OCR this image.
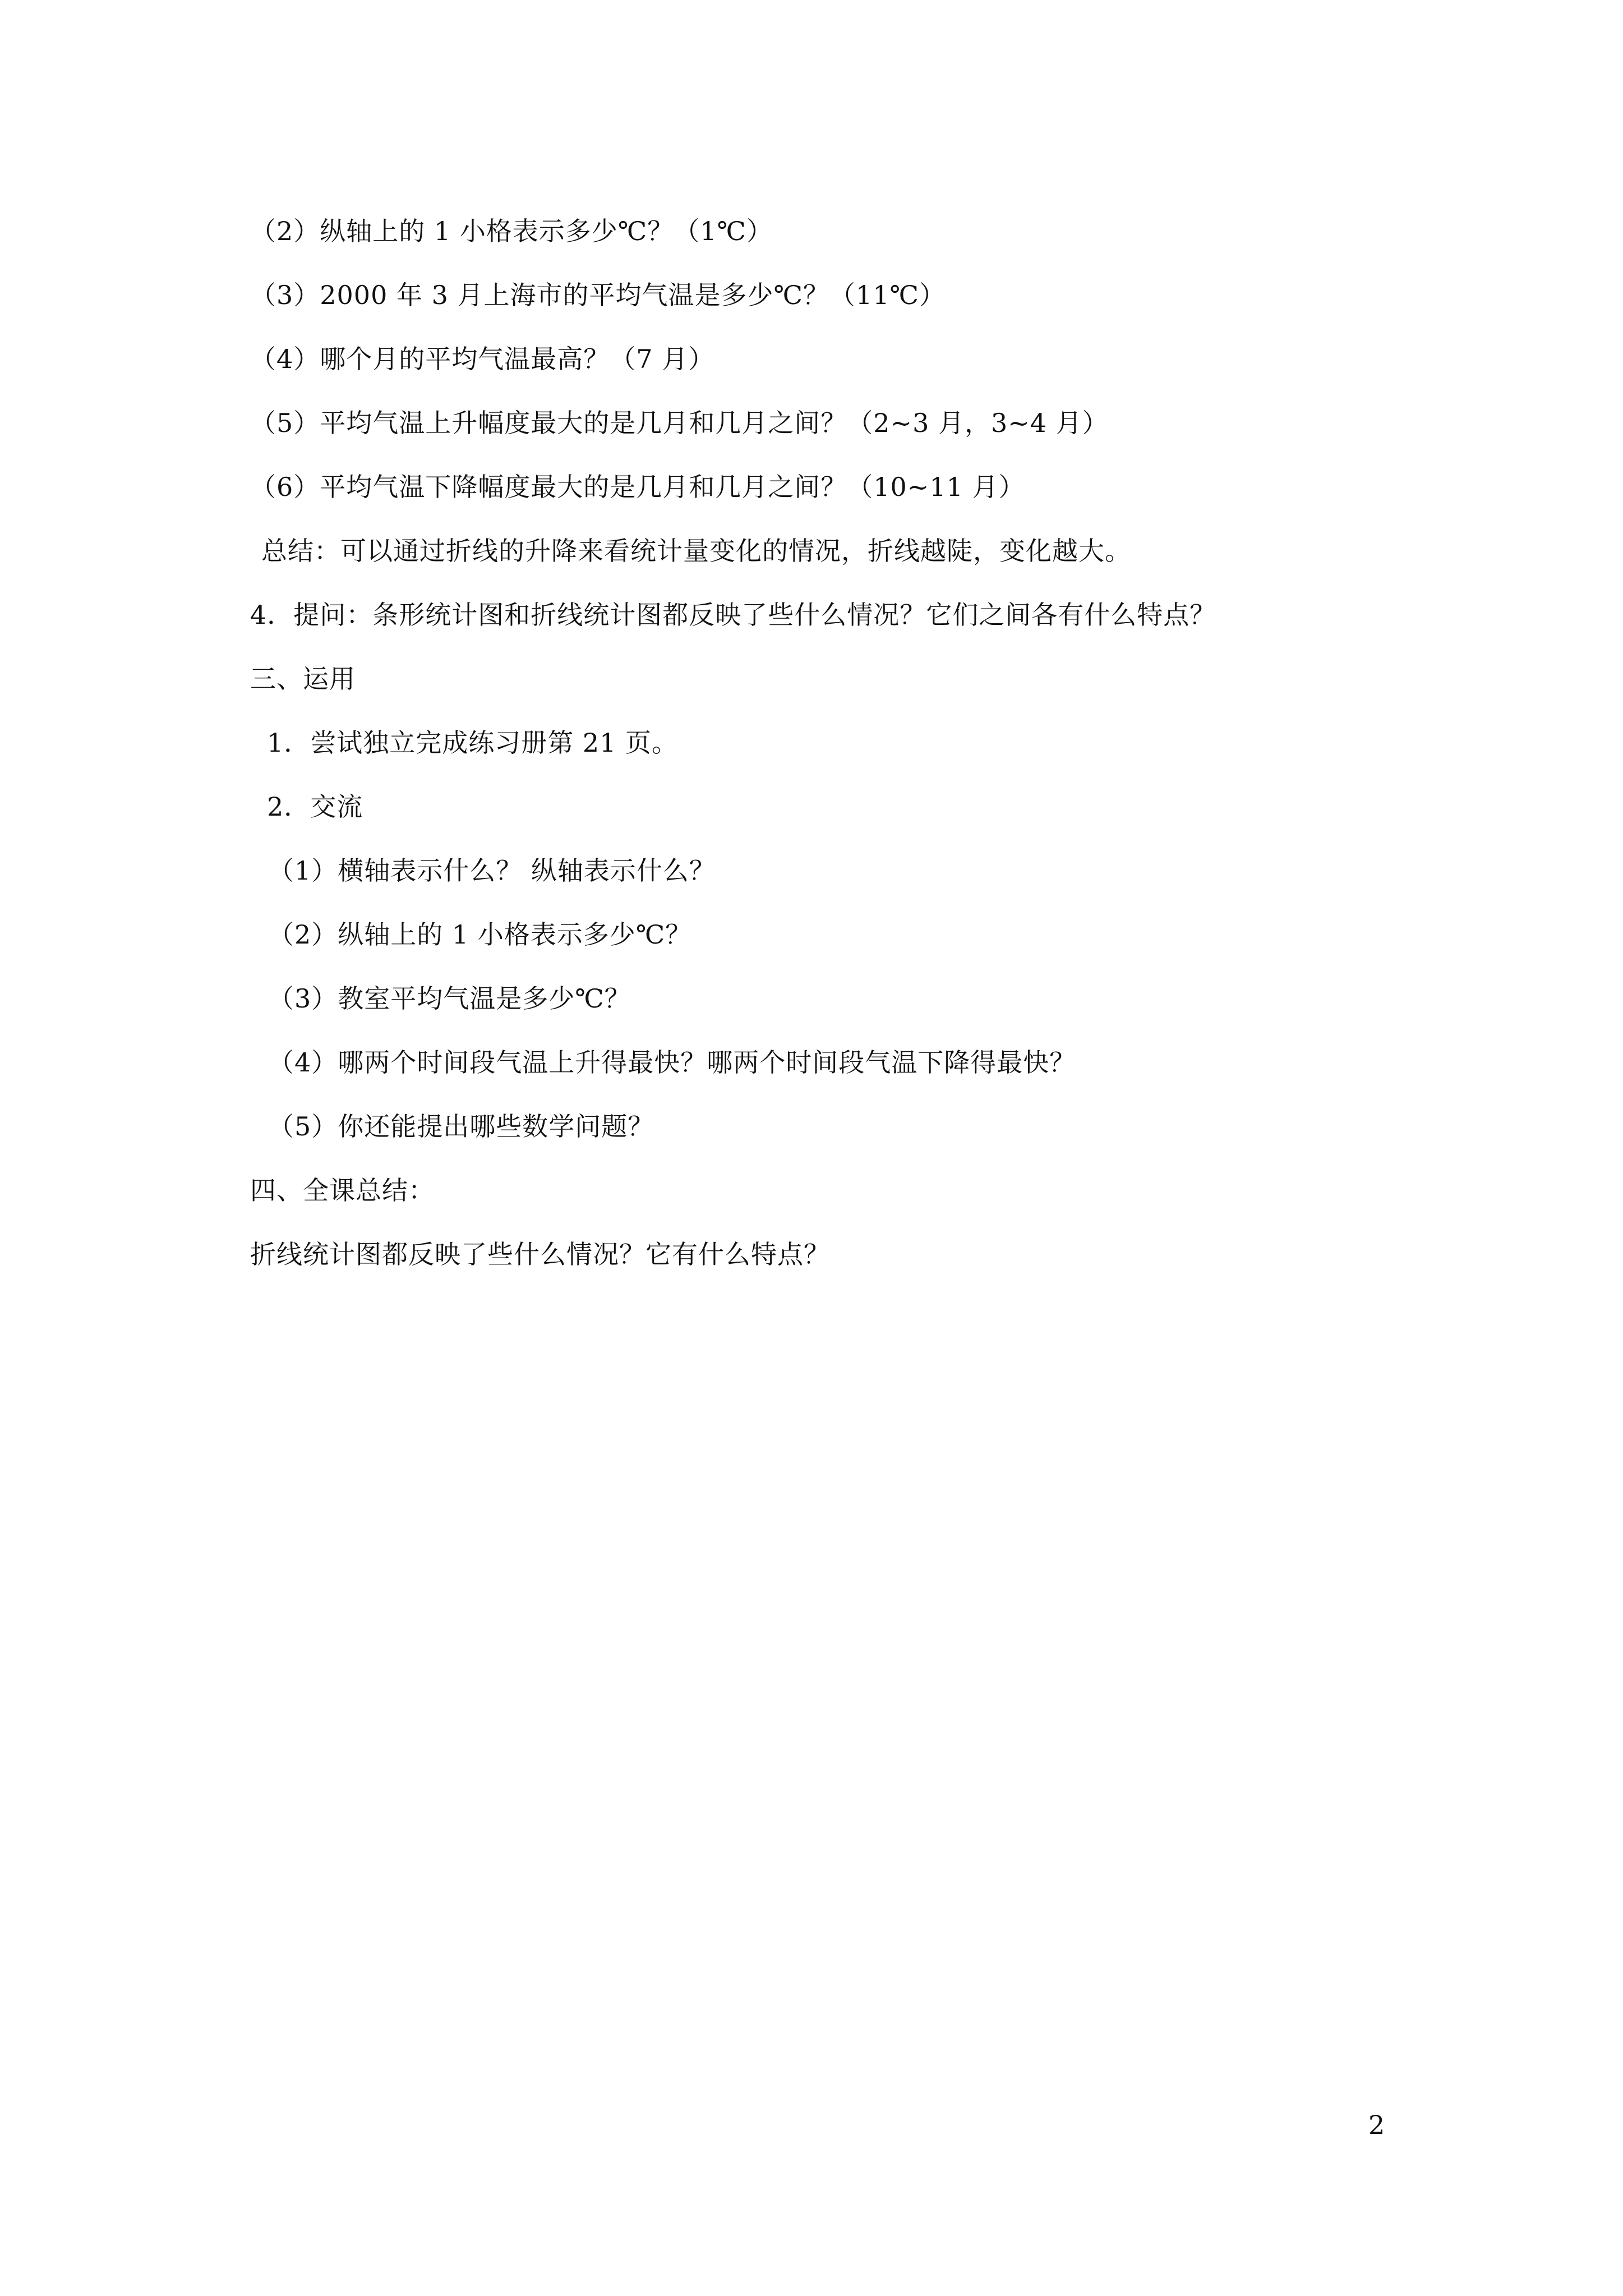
（2）纵轴上的 1 小格表示多少℃？（1℃）
（3）2000 年 3 月上海市的平均气温是多少℃？（11℃）
（4）哪个月的平均气温最高？（7 月）
（5）平均气温上升幅度最大的是几月和几月之间？（2~3 月，3~4 月）
（6）平均气温下降幅度最大的是几月和几月之间？（10~11 月）
总结：可以通过折线的升降来看统计量变化的情况，折线越陡，变化越大。
4．提问：条形统计图和折线统计图都反映了些什么情况？它们之间各有什么特点？
三、运用
1．尝试独立完成练习册第 21 页。
2．交流
（1）横轴表示什么？ 纵轴表示什么？
（2）纵轴上的 1 小格表示多少℃？
（3）教室平均气温是多少℃？
（4）哪两个时间段气温上升得最快？哪两个时间段气温下降得最快？
（5）你还能提出哪些数学问题？
四、全课总结：
折线统计图都反映了些什么情况？它有什么特点？
2
